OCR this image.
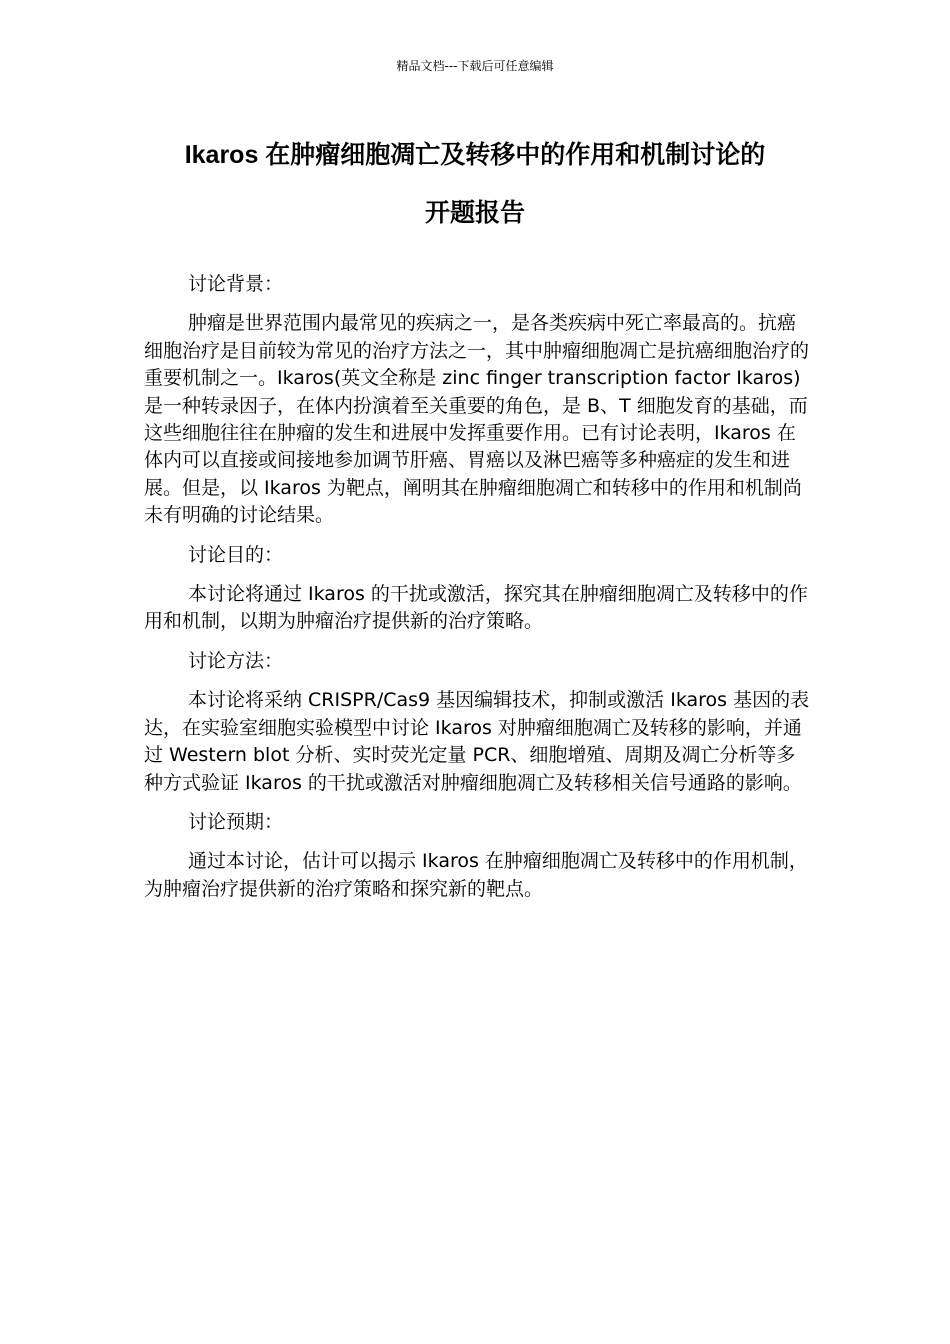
精品文档---下载后可任意编辑
Ikaros 在肿瘤细胞凋亡及转移中的作用和机制讨论的
开题报告

讨论背景：

肿瘤是世界范围内最常见的疾病之一，是各类疾病中死亡率最高的。抗癌细胞治疗是目前较为常见的治疗方法之一，其中肿瘤细胞凋亡是抗癌细胞治疗的重要机制之一。Ikaros(英文全称是 zinc finger transcription factor Ikaros)是一种转录因子，在体内扮演着至关重要的角色，是 B、T 细胞发育的基础，而这些细胞往往在肿瘤的发生和进展中发挥重要作用。已有讨论表明，Ikaros 在体内可以直接或间接地参加调节肝癌、胃癌以及淋巴癌等多种癌症的发生和进展。但是，以 Ikaros 为靶点，阐明其在肿瘤细胞凋亡和转移中的作用和机制尚未有明确的讨论结果。

讨论目的：

本讨论将通过 Ikaros 的干扰或激活，探究其在肿瘤细胞凋亡及转移中的作用和机制，以期为肿瘤治疗提供新的治疗策略。

讨论方法：

本讨论将采纳 CRISPR/Cas9 基因编辑技术，抑制或激活 Ikaros 基因的表达，在实验室细胞实验模型中讨论 Ikaros 对肿瘤细胞凋亡及转移的影响，并通过 Western blot 分析、实时荧光定量 PCR、细胞增殖、周期及凋亡分析等多种方式验证 Ikaros 的干扰或激活对肿瘤细胞凋亡及转移相关信号通路的影响。

讨论预期：

通过本讨论，估计可以揭示 Ikaros 在肿瘤细胞凋亡及转移中的作用机制，为肿瘤治疗提供新的治疗策略和探究新的靶点。
